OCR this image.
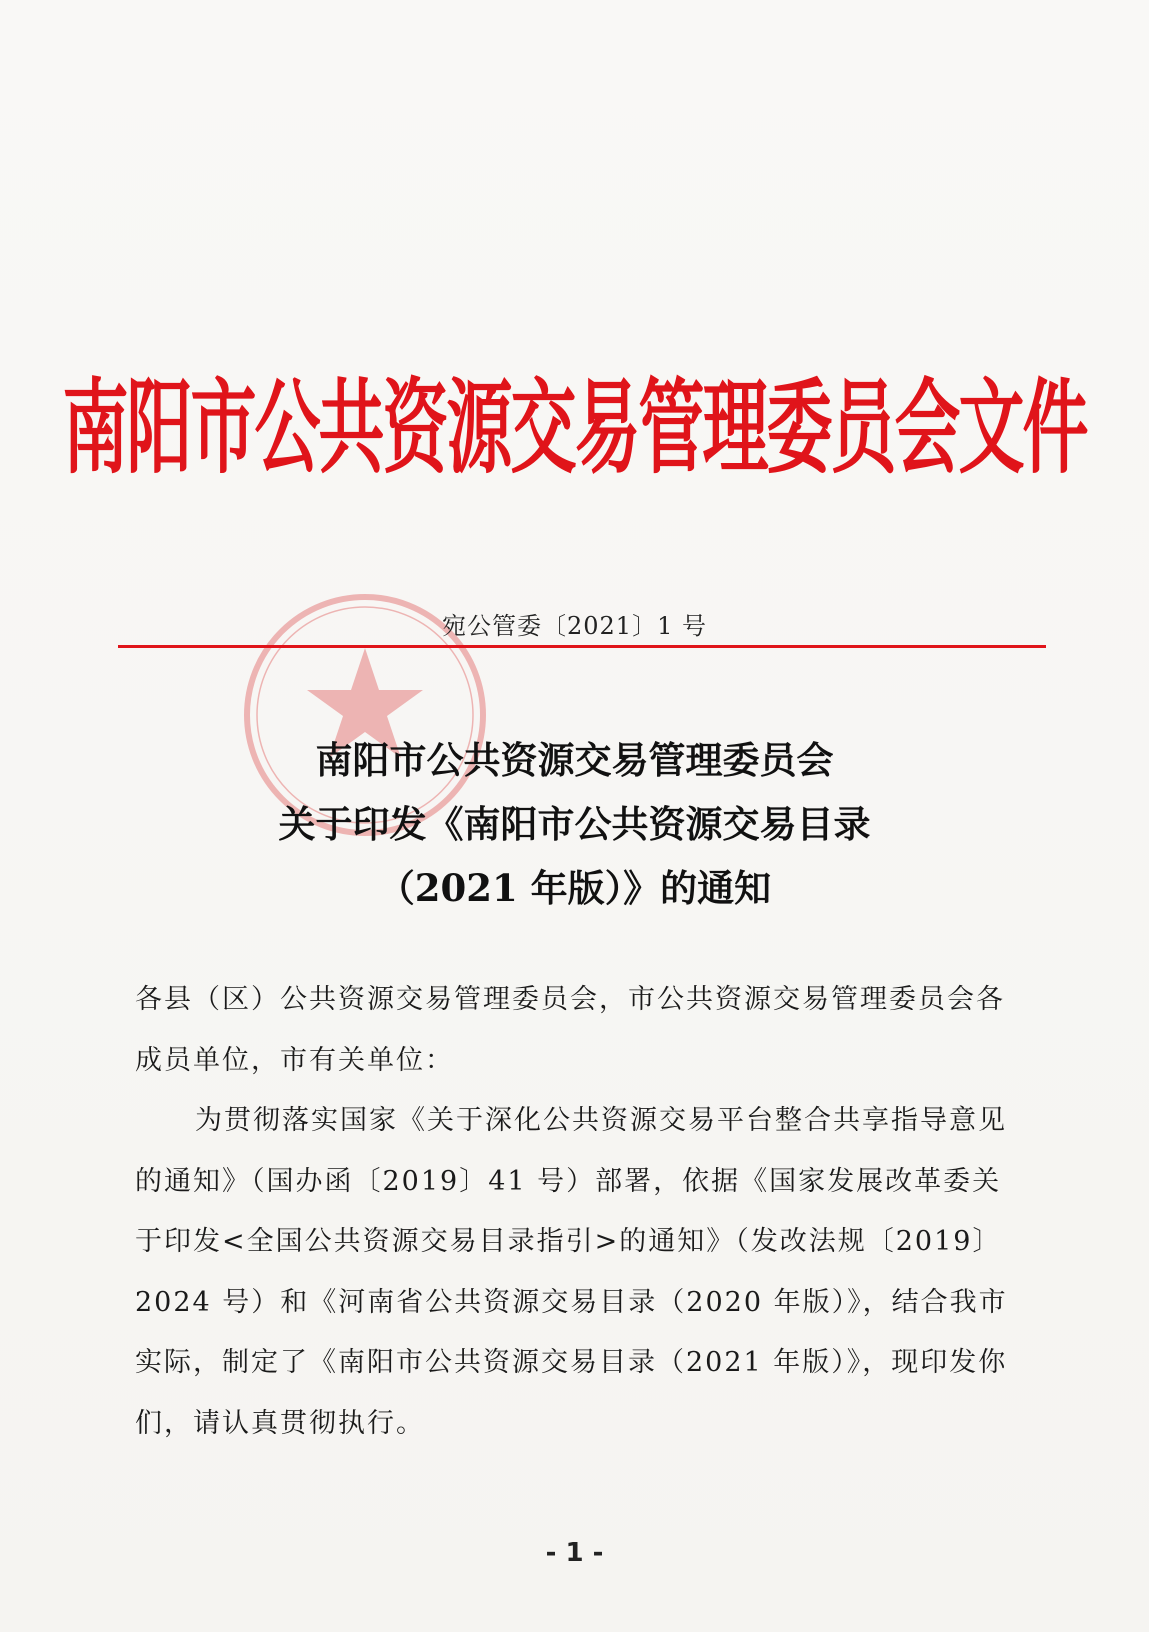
南阳市公共资源交易管理委员会文件
宛公管委〔2021〕1 号
南阳市公共资源交易管理委员会
关于印发《南阳市公共资源交易目录
（2021 年版）》的通知

各县（区）公共资源交易管理委员会，市公共资源交易管理委员会各成员单位，市有关单位：

为贯彻落实国家《关于深化公共资源交易平台整合共享指导意见的通知》（国办函〔2019〕41 号）部署，依据《国家发展改革委关于印发<全国公共资源交易目录指引>的通知》（发改法规〔2019〕2024 号）和《河南省公共资源交易目录（2020 年版）》，结合我市实际，制定了《南阳市公共资源交易目录（2021 年版）》，现印发你们，请认真贯彻执行。

- 1 -
